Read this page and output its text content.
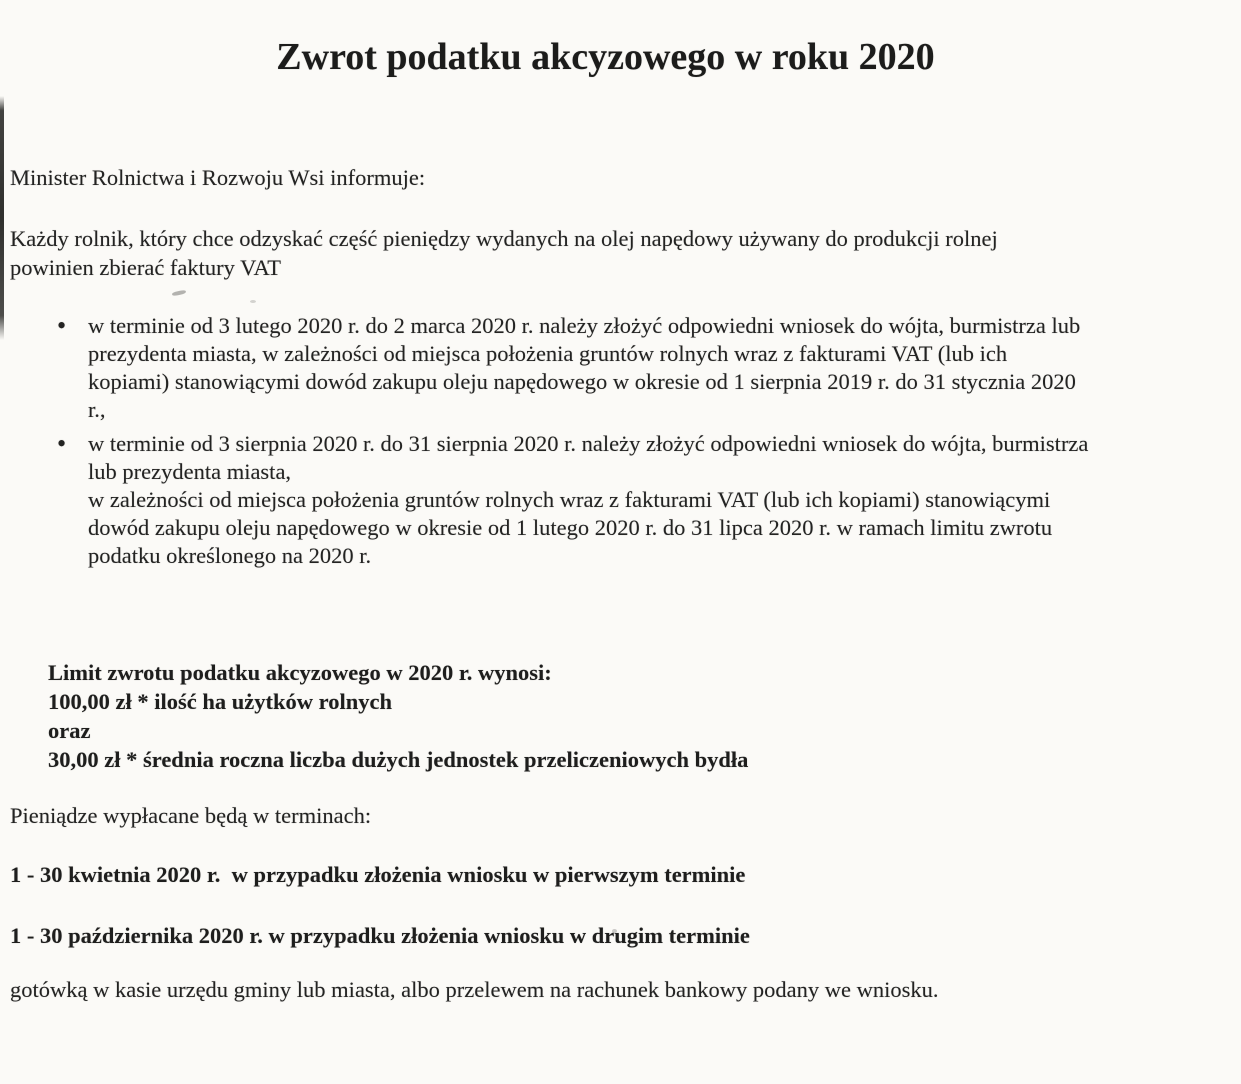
Zwrot podatku akcyzowego w roku 2020

Minister Rolnictwa i Rozwoju Wsi informuje:

Każdy rolnik, który chce odzyskać część pieniędzy wydanych na olej napędowy używany do produkcji rolnej
powinien zbierać faktury VAT
• w terminie od 3 lutego 2020 r. do 2 marca 2020 r. należy złożyć odpowiedni wniosek do wójta, burmistrza lub
prezydenta miasta, w zależności od miejsca położenia gruntów rolnych wraz z fakturami VAT (lub ich
kopiami) stanowiącymi dowód zakupu oleju napędowego w okresie od 1 sierpnia 2019 r. do 31 stycznia 2020
r.,
• w terminie od 3 sierpnia 2020 r. do 31 sierpnia 2020 r. należy złożyć odpowiedni wniosek do wójta, burmistrza
lub prezydenta miasta,
w zależności od miejsca położenia gruntów rolnych wraz z fakturami VAT (lub ich kopiami) stanowiącymi
dowód zakupu oleju napędowego w okresie od 1 lutego 2020 r. do 31 lipca 2020 r. w ramach limitu zwrotu
podatku określonego na 2020 r.
Limit zwrotu podatku akcyzowego w 2020 r. wynosi:
100,00 zł * ilość ha użytków rolnych
oraz
30,00 zł * średnia roczna liczba dużych jednostek przeliczeniowych bydła

Pieniądze wypłacane będą w terminach:

1 - 30 kwietnia 2020 r.  w przypadku złożenia wniosku w pierwszym terminie

1 - 30 października 2020 r. w przypadku złożenia wniosku w drugim terminie

gotówką w kasie urzędu gminy lub miasta, albo przelewem na rachunek bankowy podany we wniosku.
